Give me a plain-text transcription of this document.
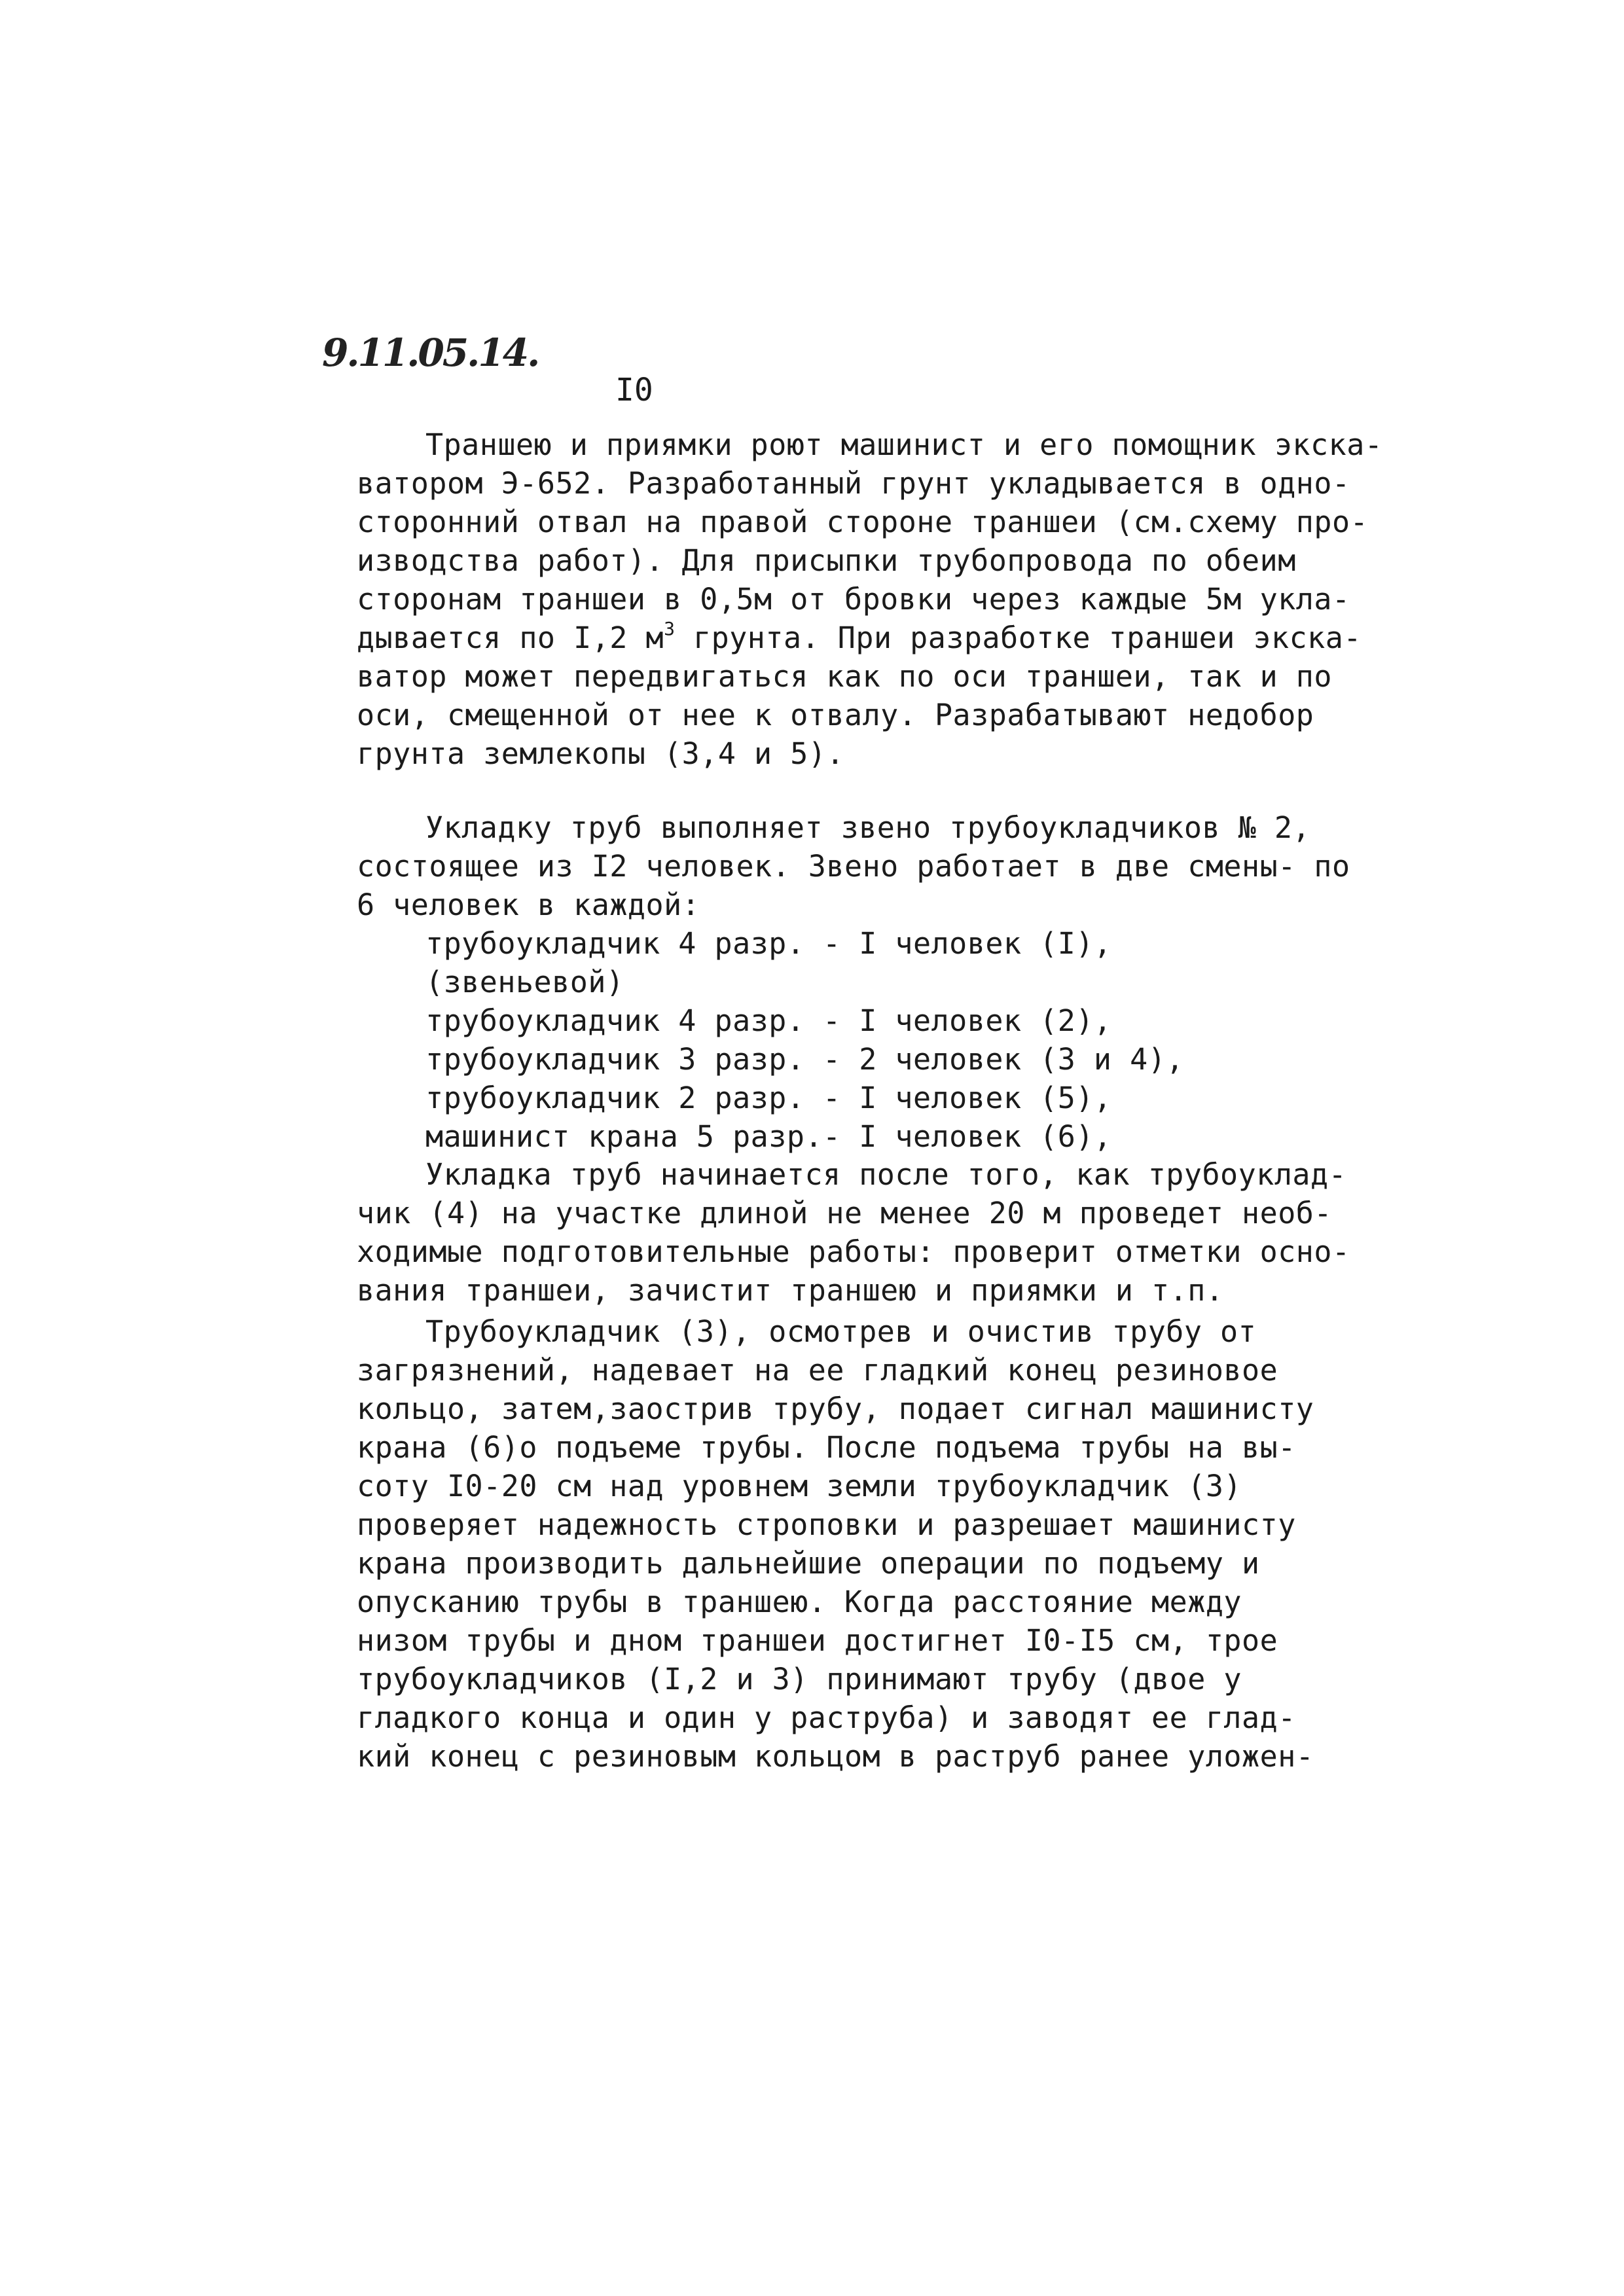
9.11.05.14.
I0
Траншею и приямки роют машинист и его помощник экска-
ватором Э-652. Разработанный грунт укладывается в одно-
сторонний отвал на правой стороне траншеи (см.схему про-
изводства работ). Для присыпки трубопровода по обеим
сторонам траншеи в 0,5м от бровки через каждые 5м укла-
дывается по I,2 $м^3$ грунта. При разработке траншеи экска-
ватор может передвигаться как по оси траншеи, так и по
оси, смещенной от нее к отвалу. Разрабатывают недобор
грунта землекопы (3,4 и 5).
Укладку труб выполняет звено трубоукладчиков № 2,
состоящее из I2 человек. Звено работает в две смены- по
6 человек в каждой:
трубоукладчик 4 разр. - I человек (I),
(звеньевой)
трубоукладчик 4 разр. - I человек (2),
трубоукладчик 3 разр. - 2 человек (3 и 4),
трубоукладчик 2 разр. - I человек (5),
машинист крана 5 разр.- I человек (6),
Укладка труб начинается после того, как трубоуклад-
чик (4) на участке длиной не менее 20 м проведет необ-
ходимые подготовительные работы: проверит отметки осно-
вания траншеи, зачистит траншею и приямки и т.п.
Трубоукладчик (3), осмотрев и очистив трубу от
загрязнений, надевает на ее гладкий конец резиновое
кольцо, затем,заострив трубу, подает сигнал машинисту
крана (6)о подъеме трубы. После подъема трубы на вы-
соту I0-20 см над уровнем земли трубоукладчик (3)
проверяет надежность строповки и разрешает машинисту
крана производить дальнейшие операции по подъему и
опусканию трубы в траншею. Когда расстояние между
низом трубы и дном траншеи достигнет I0-I5 см, трое
трубоукладчиков (I,2 и 3) принимают трубу (двое у
гладкого конца и один у раструба) и заводят ее глад-
кий конец с резиновым кольцом в раструб ранее уложен-
